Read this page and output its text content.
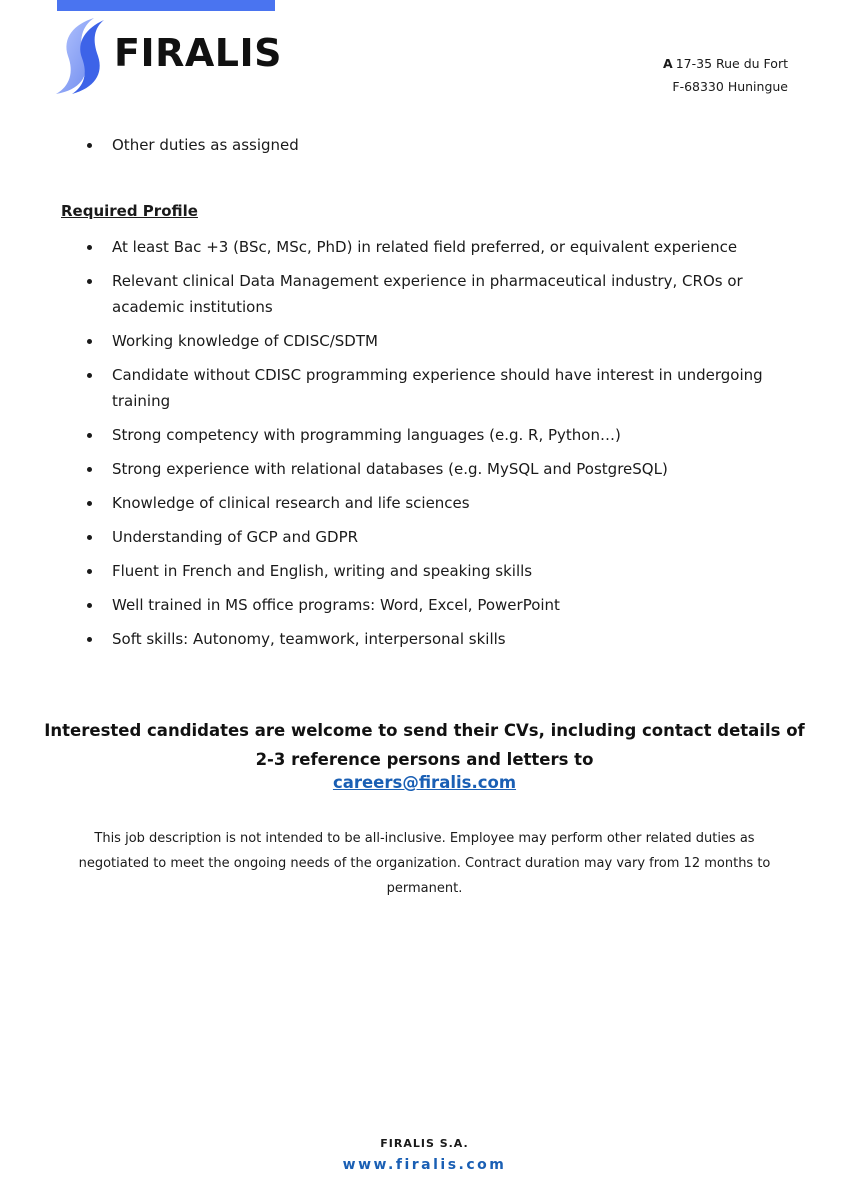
FIRALIS	A 17-35 Rue du Fort
F-68330 Huningue
Other duties as assigned
Required Profile
At least Bac +3 (BSc, MSc, PhD) in related field preferred, or equivalent experience
Relevant clinical Data Management experience in pharmaceutical industry, CROs or academic institutions
Working knowledge of CDISC/SDTM
Candidate without CDISC programming experience should have interest in undergoing training
Strong competency with programming languages (e.g. R, Python…)
Strong experience with relational databases (e.g. MySQL and PostgreSQL)
Knowledge of clinical research and life sciences
Understanding of GCP and GDPR
Fluent in French and English, writing and speaking skills
Well trained in MS office programs: Word, Excel, PowerPoint
Soft skills: Autonomy, teamwork, interpersonal skills
Interested candidates are welcome to send their CVs, including contact details of 2-3 reference persons and letters to
careers@firalis.com
This job description is not intended to be all-inclusive. Employee may perform other related duties as negotiated to meet the ongoing needs of the organization. Contract duration may vary from 12 months to permanent.
FIRALIS S.A.
www.firalis.com
